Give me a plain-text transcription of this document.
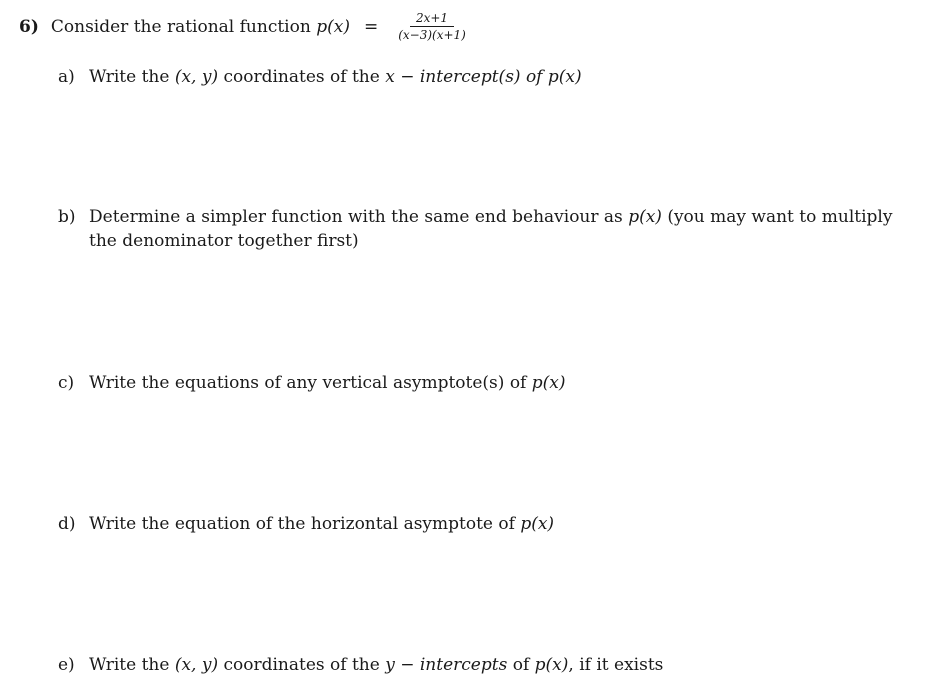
6) Consider the rational function
$p(x) = \frac{2x+1}{(x-3)(x+1)}$
a) Write the (x, y) coordinates of the x − intercept(s) of p(x)
b) Determine a simpler function with the same end behaviour as p(x) (you may want to multiply the denominator together first)
c) Write the equations of any vertical asymptote(s) of p(x)
d) Write the equation of the horizontal asymptote of p(x)
e) Write the (x, y) coordinates of the y − intercepts of p(x), if it exists
